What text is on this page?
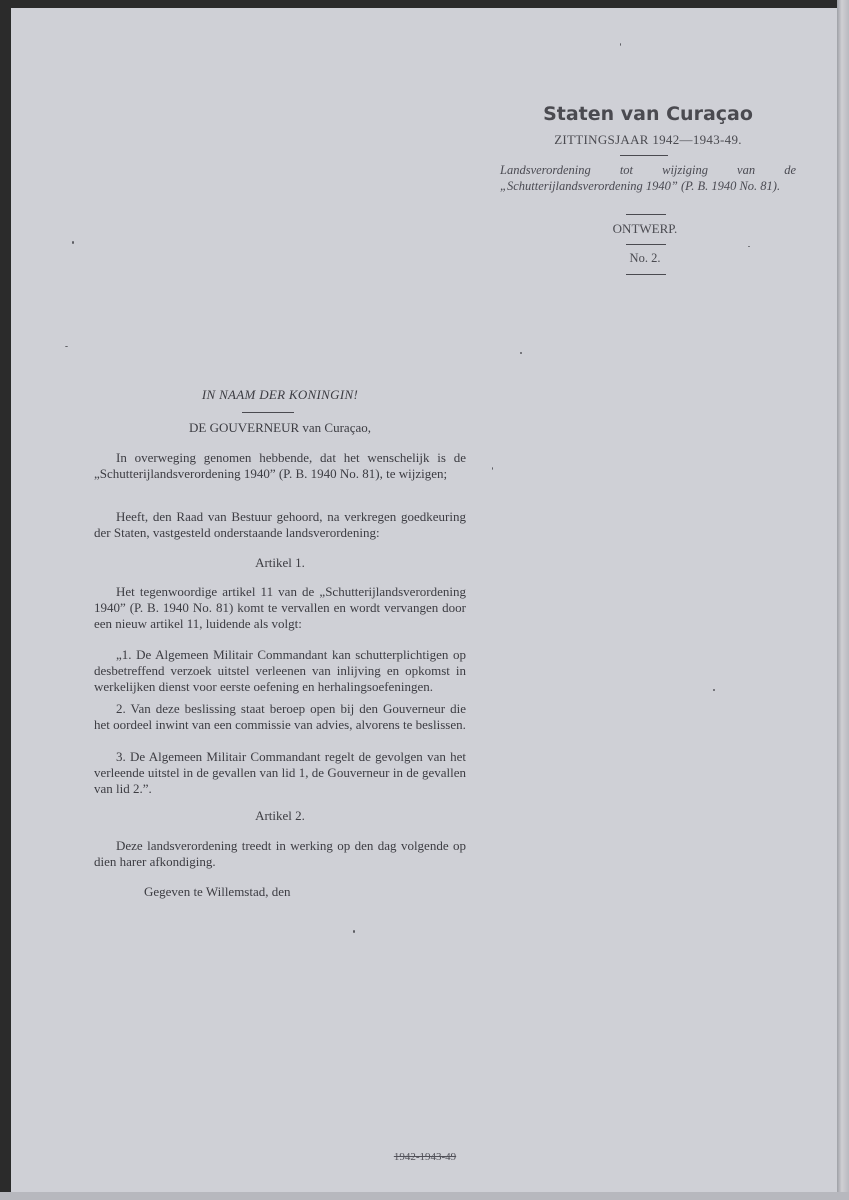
Staten van Curaçao
ZITTINGSJAAR 1942—1943-49.
Landsverordening tot wijziging van de „Schutterijlandsverordening 1940” (P. B. 1940 No. 81).
ONTWERP.
No. 2.
IN NAAM DER KONINGIN!
DE GOUVERNEUR van Curaçao,
In overweging genomen hebbende, dat het wenschelijk is de „Schutterijlandsverordening 1940” (P. B. 1940 No. 81), te wijzigen;
Heeft, den Raad van Bestuur gehoord, na verkregen goedkeuring der Staten, vastgesteld onderstaande landsverordening:
Artikel 1.
Het tegenwoordige artikel 11 van de „Schutterijlandsverordening 1940” (P. B. 1940 No. 81) komt te vervallen en wordt vervangen door een nieuw artikel 11, luidende als volgt:
„1. De Algemeen Militair Commandant kan schutterplichtigen op desbetreffend verzoek uitstel verleenen van inlijving en opkomst in werkelijken dienst voor eerste oefening en herhalingsoefeningen.
2. Van deze beslissing staat beroep open bij den Gouverneur die het oordeel inwint van een commissie van advies, alvorens te beslissen.
3. De Algemeen Militair Commandant regelt de gevolgen van het verleende uitstel in de gevallen van lid 1, de Gouverneur in de gevallen van lid 2.”.
Artikel 2.
Deze landsverordening treedt in werking op den dag volgende op dien harer afkondiging.
Gegeven te Willemstad, den
1942-1943-49
